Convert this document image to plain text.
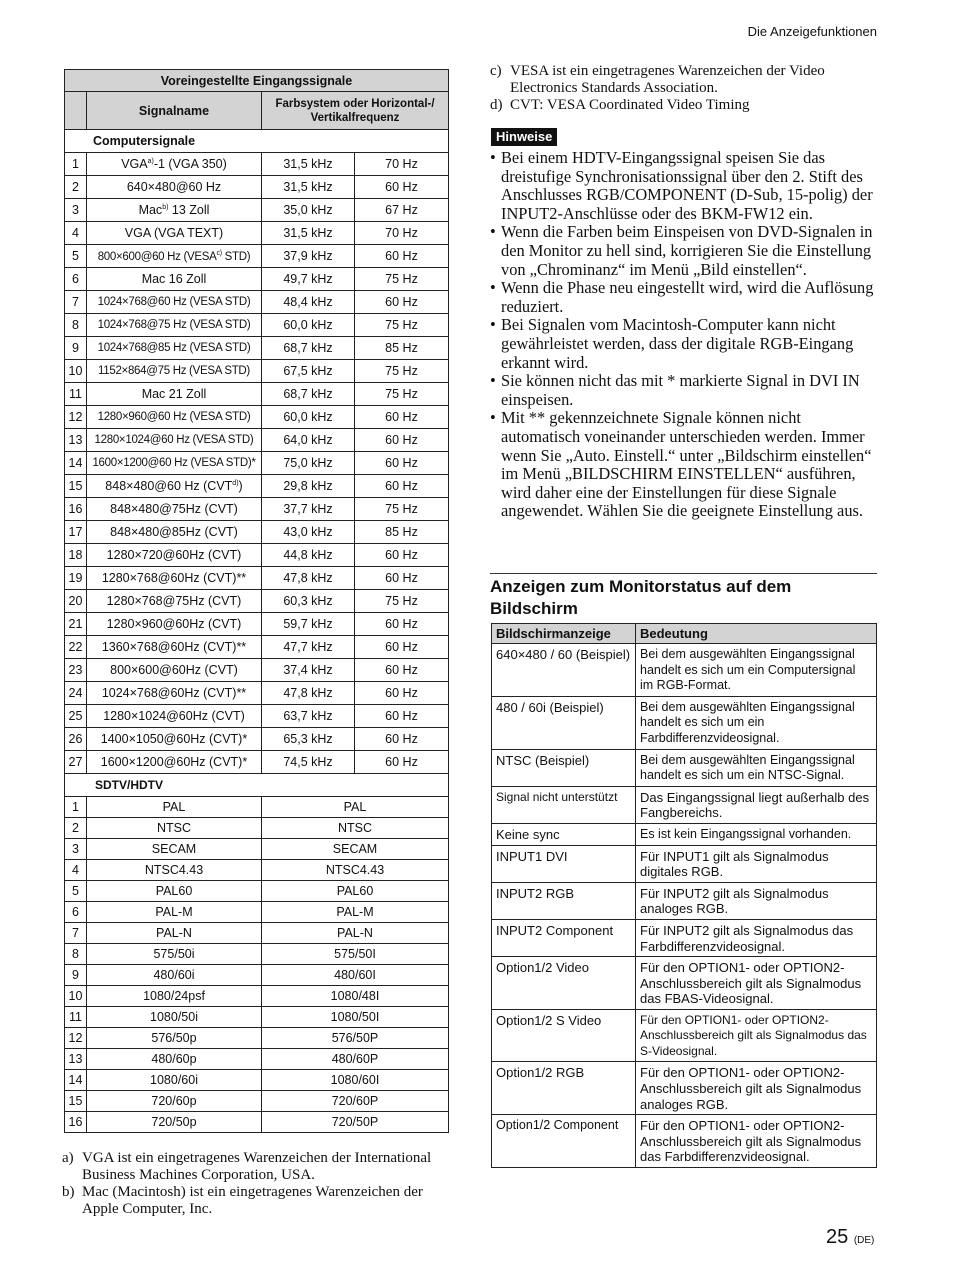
Die Anzeigefunktionen
Voreingestellte Eingangssignale			
	Signalname	Farbsystem oder Horizontal-/ Vertikalfrequenz	
Computersignale			
1	VGA$^{a)}$-1 (VGA 350)	31,5 kHz	70 Hz
2	640×480@60 Hz	31,5 kHz	60 Hz
3	Mac$^{b)}$ 13 Zoll	35,0 kHz	67 Hz
4	VGA (VGA TEXT)	31,5 kHz	70 Hz
5	800×600@60 Hz (VESA$^{c)}$ STD)	37,9 kHz	60 Hz
6	Mac 16 Zoll	49,7 kHz	75 Hz
7	1024×768@60 Hz (VESA STD)	48,4 kHz	60 Hz
8	1024×768@75 Hz (VESA STD)	60,0 kHz	75 Hz
9	1024×768@85 Hz (VESA STD)	68,7 kHz	85 Hz
10	1152×864@75 Hz (VESA STD)	67,5 kHz	75 Hz
11	Mac 21 Zoll	68,7 kHz	75 Hz
12	1280×960@60 Hz (VESA STD)	60,0 kHz	60 Hz
13	1280×1024@60 Hz (VESA STD)	64,0 kHz	60 Hz
14	1600×1200@60 Hz (VESA STD)*	75,0 kHz	60 Hz
15	848×480@60 Hz (CVT$^{d)}$)	29,8 kHz	60 Hz
16	848×480@75Hz (CVT)	37,7 kHz	75 Hz
17	848×480@85Hz (CVT)	43,0 kHz	85 Hz
18	1280×720@60Hz (CVT)	44,8 kHz	60 Hz
19	1280×768@60Hz (CVT)**	47,8 kHz	60 Hz
20	1280×768@75Hz (CVT)	60,3 kHz	75 Hz
21	1280×960@60Hz (CVT)	59,7 kHz	60 Hz
22	1360×768@60Hz (CVT)**	47,7 kHz	60 Hz
23	800×600@60Hz (CVT)	37,4 kHz	60 Hz
24	1024×768@60Hz (CVT)**	47,8 kHz	60 Hz
25	1280×1024@60Hz (CVT)	63,7 kHz	60 Hz
26	1400×1050@60Hz (CVT)*	65,3 kHz	60 Hz
27	1600×1200@60Hz (CVT)*	74,5 kHz	60 Hz
SDTV/HDTV			
1	PAL	PAL	
2	NTSC	NTSC	
3	SECAM	SECAM	
4	NTSC4.43	NTSC4.43	
5	PAL60	PAL60	
6	PAL-M	PAL-M	
7	PAL-N	PAL-N	
8	575/50i	575/50I	
9	480/60i	480/60I	
10	1080/24psf	1080/48I	
11	1080/50i	1080/50I	
12	576/50p	576/50P	
13	480/60p	480/60P	
14	1080/60i	1080/60I	
15	720/60p	720/60P	
16	720/50p	720/50P	
a) VGA ist ein eingetragenes Warenzeichen der International Business Machines Corporation, USA.
b) Mac (Macintosh) ist ein eingetragenes Warenzeichen der Apple Computer, Inc.
c) VESA ist ein eingetragenes Warenzeichen der Video Electronics Standards Association.
d) CVT: VESA Coordinated Video Timing
Hinweise
• Bei einem HDTV-Eingangssignal speisen Sie das dreistufige Synchronisationssignal über den 2. Stift des Anschlusses RGB/COMPONENT (D-Sub, 15-polig) der INPUT2-Anschlüsse oder des BKM-FW12 ein.
• Wenn die Farben beim Einspeisen von DVD-Signalen in den Monitor zu hell sind, korrigieren Sie die Einstellung von „Chrominanz“ im Menü „Bild einstellen“.
• Wenn die Phase neu eingestellt wird, wird die Auflösung reduziert.
• Bei Signalen vom Macintosh-Computer kann nicht gewährleistet werden, dass der digitale RGB-Eingang erkannt wird.
• Sie können nicht das mit * markierte Signal in DVI IN einspeisen.
• Mit ** gekennzeichnete Signale können nicht automatisch voneinander unterschieden werden. Immer wenn Sie „Auto. Einstell.“ unter „Bildschirm einstellen“ im Menü „BILDSCHIRM EINSTELLEN“ ausführen, wird daher eine der Einstellungen für diese Signale angewendet. Wählen Sie die geeignete Einstellung aus.
Anzeigen zum Monitorstatus auf dem Bildschirm
Bildschirmanzeige	Bedeutung
640×480 / 60 (Beispiel)	Bei dem ausgewählten Eingangssignal handelt es sich um ein Computersignal im RGB-Format.
480 / 60i (Beispiel)	Bei dem ausgewählten Eingangssignal handelt es sich um ein Farbdifferenzvideosignal.
NTSC (Beispiel)	Bei dem ausgewählten Eingangssignal handelt es sich um ein NTSC-Signal.
Signal nicht unterstützt	Das Eingangssignal liegt außerhalb des Fangbereichs.
Keine sync	Es ist kein Eingangssignal vorhanden.
INPUT1 DVI	Für INPUT1 gilt als Signalmodus digitales RGB.
INPUT2 RGB	Für INPUT2 gilt als Signalmodus analoges RGB.
INPUT2 Component	Für INPUT2 gilt als Signalmodus das Farbdifferenzvideosignal.
Option1/2 Video	Für den OPTION1- oder OPTION2-Anschlussbereich gilt als Signalmodus das FBAS-Videosignal.
Option1/2 S Video	Für den OPTION1- oder OPTION2-Anschlussbereich gilt als Signalmodus das S-Videosignal.
Option1/2 RGB	Für den OPTION1- oder OPTION2-Anschlussbereich gilt als Signalmodus analoges RGB.
Option1/2 Component	Für den OPTION1- oder OPTION2-Anschlussbereich gilt als Signalmodus das Farbdifferenzvideosignal.
25 (DE)
